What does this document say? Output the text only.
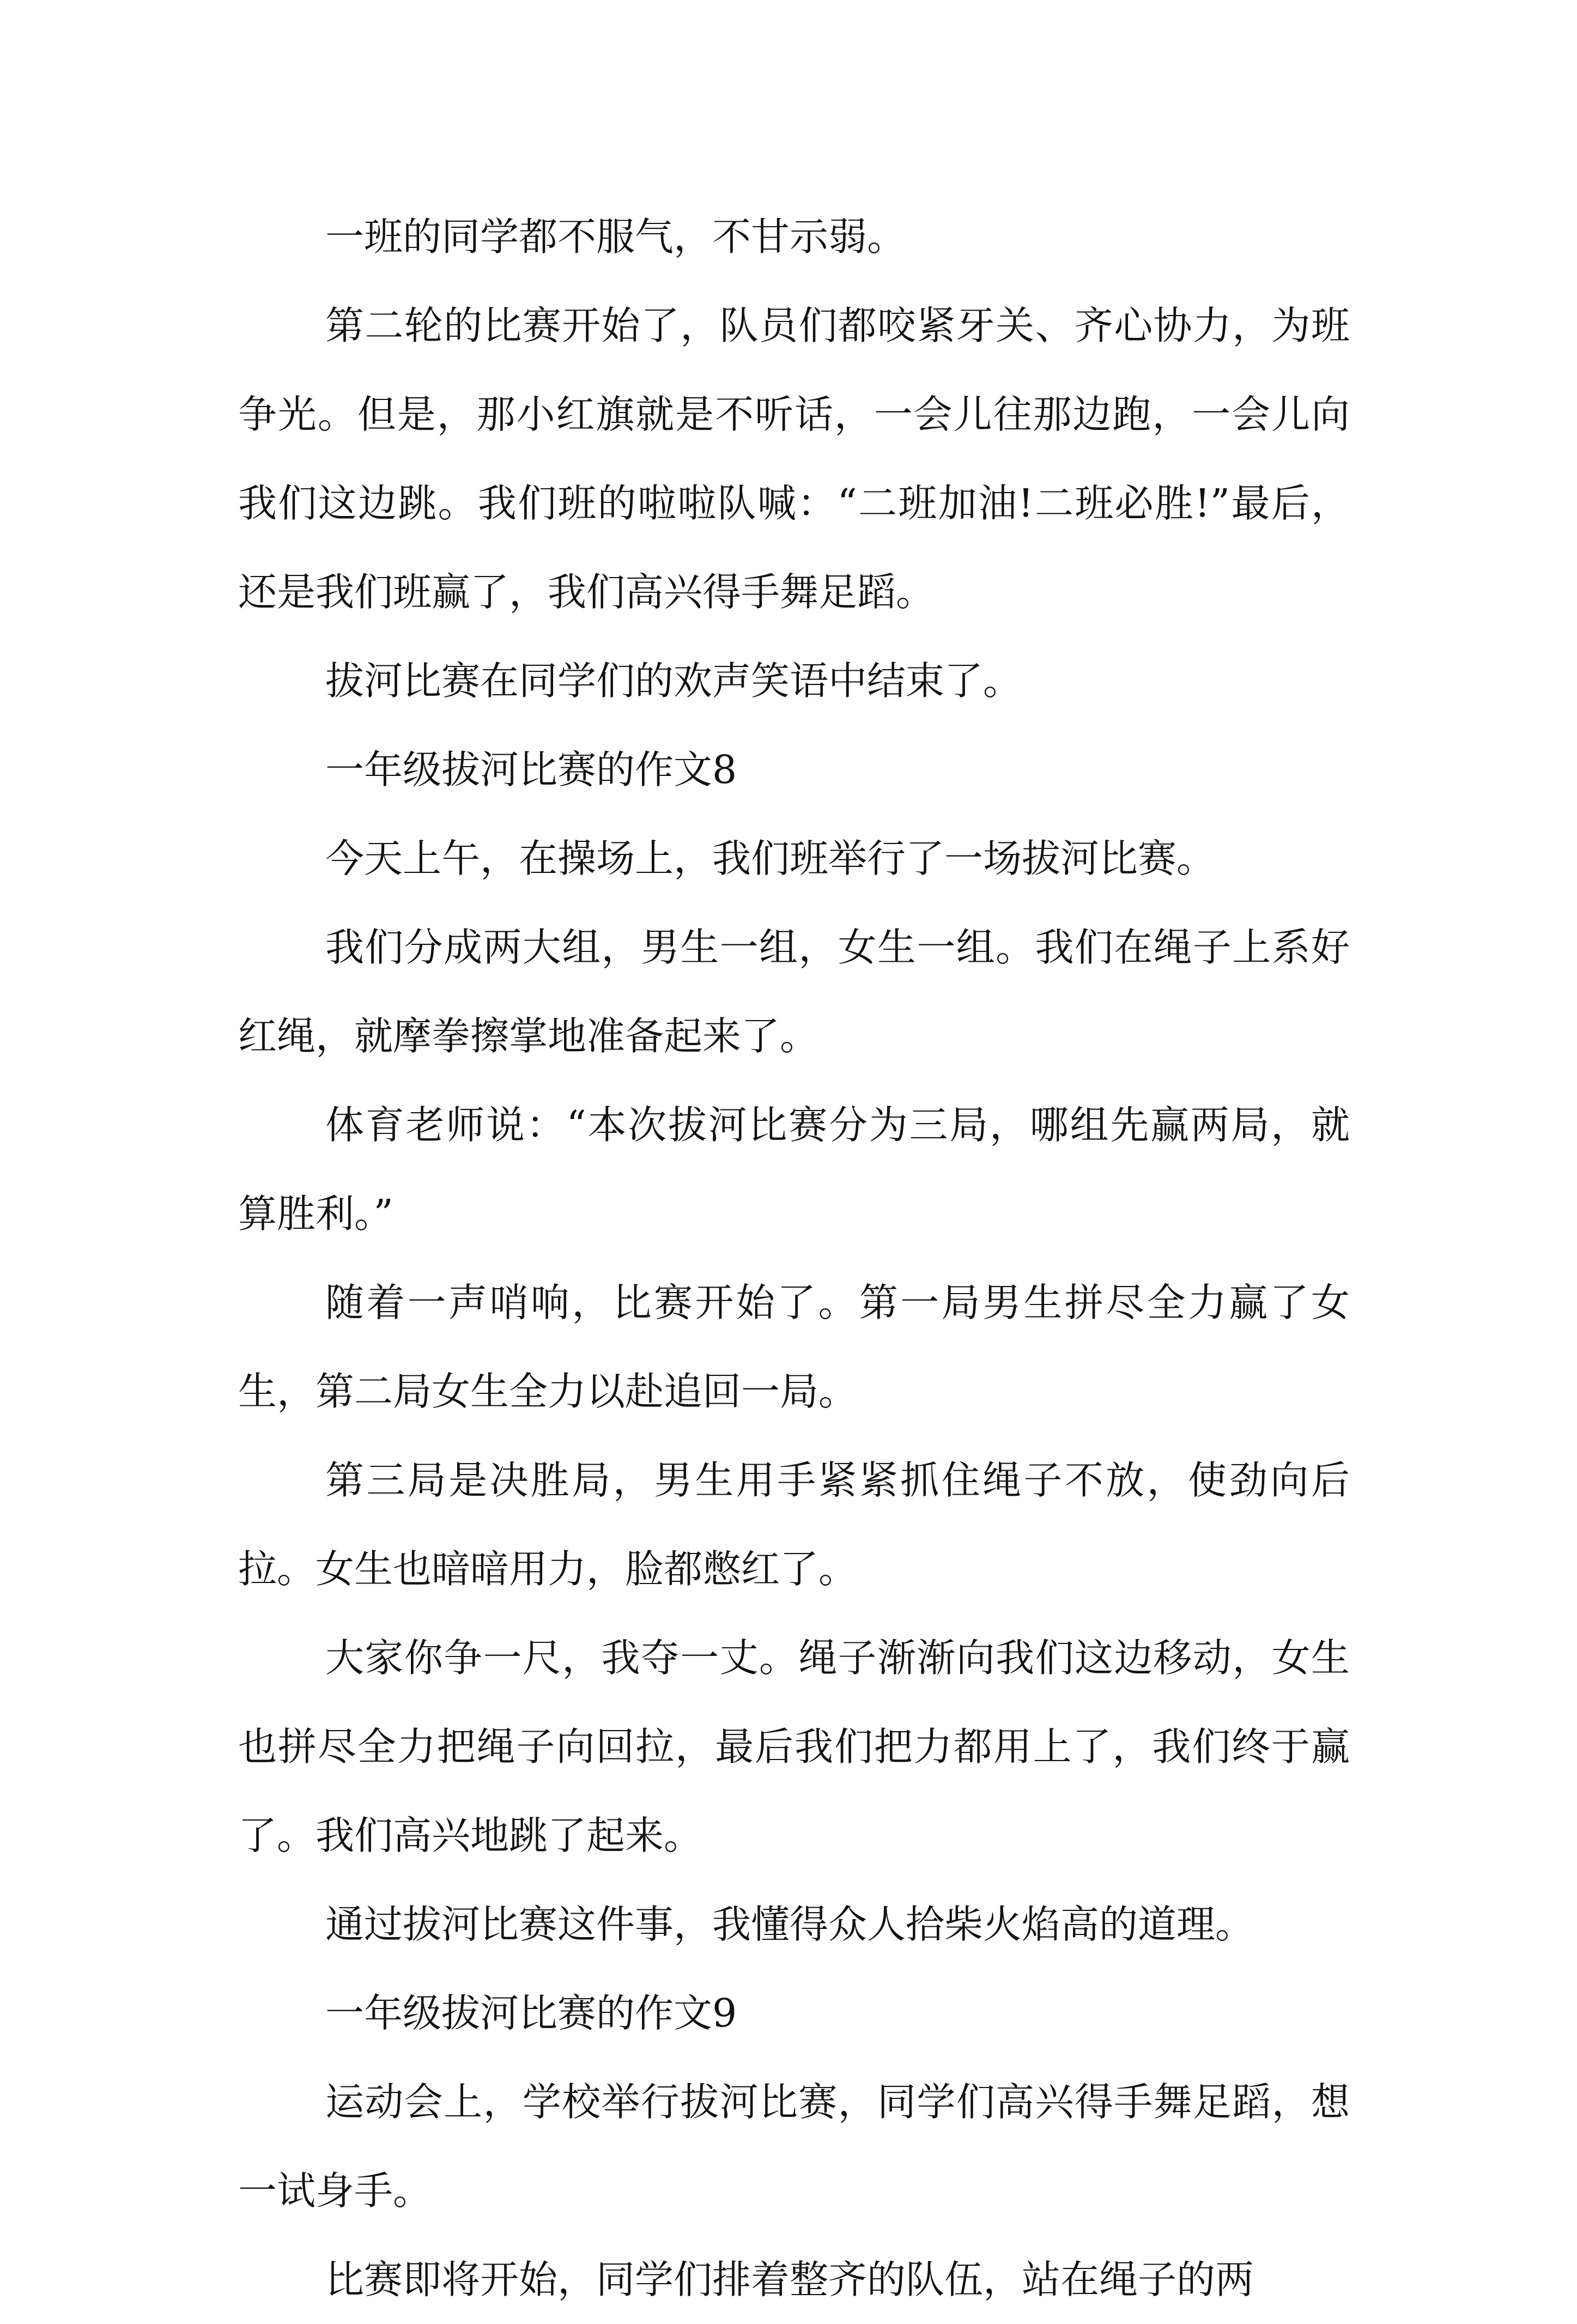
一班的同学都不服气，不甘示弱。

第二轮的比赛开始了，队员们都咬紧牙关、齐心协力，为班争光。但是，那小红旗就是不听话，一会儿往那边跑，一会儿向我们这边跳。我们班的啦啦队喊：“二班加油!二班必胜!”最后，还是我们班赢了，我们高兴得手舞足蹈。

拔河比赛在同学们的欢声笑语中结束了。

一年级拔河比赛的作文8

今天上午，在操场上，我们班举行了一场拔河比赛。

我们分成两大组，男生一组，女生一组。我们在绳子上系好红绳，就摩拳擦掌地准备起来了。

体育老师说：“本次拔河比赛分为三局，哪组先赢两局，就算胜利。”

随着一声哨响，比赛开始了。第一局男生拼尽全力赢了女生，第二局女生全力以赴追回一局。

第三局是决胜局，男生用手紧紧抓住绳子不放，使劲向后拉。女生也暗暗用力，脸都憋红了。

大家你争一尺，我夺一丈。绳子渐渐向我们这边移动，女生也拼尽全力把绳子向回拉，最后我们把力都用上了，我们终于赢了。我们高兴地跳了起来。

通过拔河比赛这件事，我懂得众人拾柴火焰高的道理。

一年级拔河比赛的作文9

运动会上，学校举行拔河比赛，同学们高兴得手舞足蹈，想一试身手。

比赛即将开始，同学们排着整齐的队伍，站在绳子的两
